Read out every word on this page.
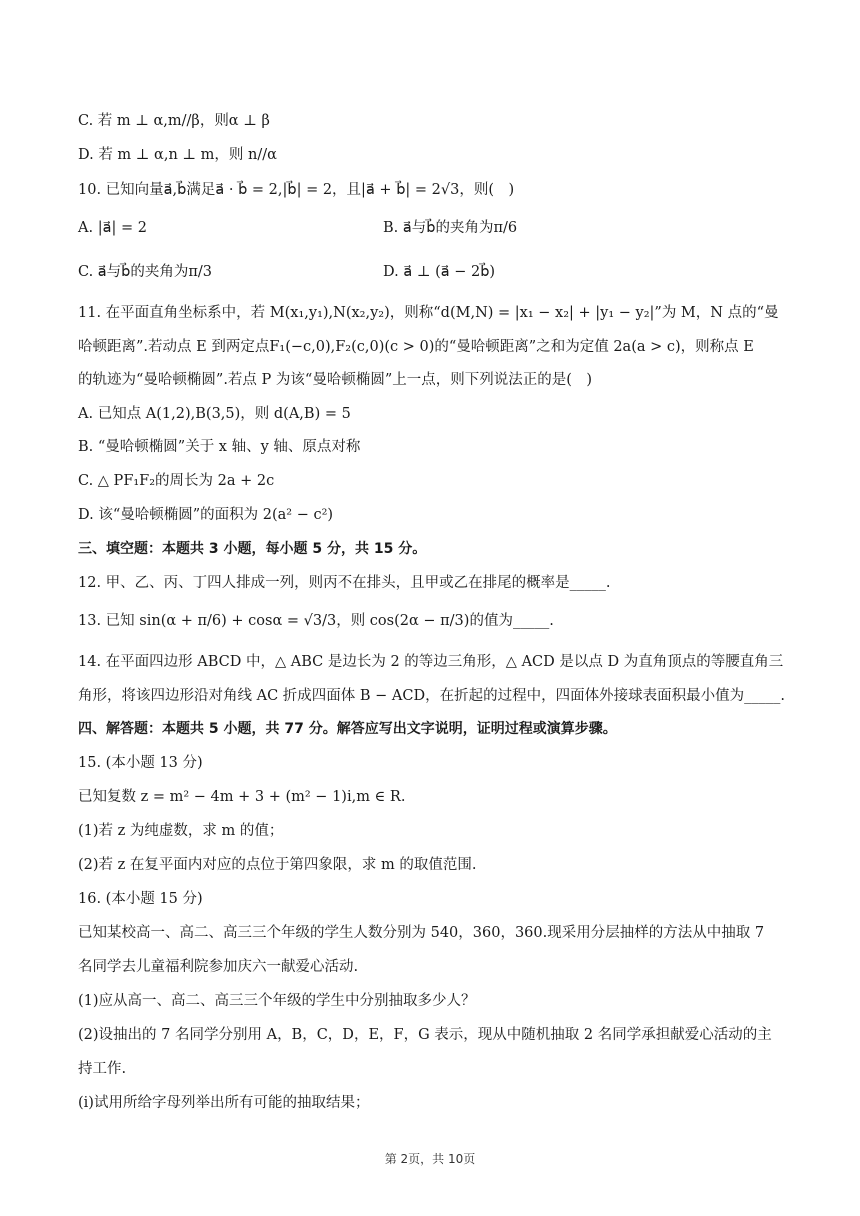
C. 若 m ⊥ α,m//β，则α ⊥ β
D. 若 m ⊥ α,n ⊥ m，则 n//α
10. 已知向量a⃗,b⃗满足a⃗ · b⃗ = 2,|b⃗| = 2，且|a⃗ + b⃗| = 2√3，则(　)
A. |a⃗| = 2	B. a⃗与b⃗的夹角为π/6
C. a⃗与b⃗的夹角为π/3	D. a⃗ ⊥ (a⃗ − 2b⃗)
11. 在平面直角坐标系中，若 M(x₁,y₁),N(x₂,y₂)，则称“d(M,N) = |x₁ − x₂| + |y₁ − y₂|”为 M，N 点的“曼
哈顿距离”.若动点 E 到两定点F₁(−c,0),F₂(c,0)(c > 0)的“曼哈顿距离”之和为定值 2a(a > c)，则称点 E
的轨迹为“曼哈顿椭圆”.若点 P 为该“曼哈顿椭圆”上一点，则下列说法正的是(　)
A. 已知点 A(1,2),B(3,5)，则 d(A,B) = 5
B. “曼哈顿椭圆”关于 x 轴、y 轴、原点对称
C. △ PF₁F₂的周长为 2a + 2c
D. 该“曼哈顿椭圆”的面积为 2(a² − c²)
三、填空题：本题共 3 小题，每小题 5 分，共 15 分。
12. 甲、乙、丙、丁四人排成一列，则丙不在排头，且甲或乙在排尾的概率是_____.
13. 已知 sin(α + π/6) + cosα = √3/3，则 cos(2α − π/3)的值为_____.
14. 在平面四边形 ABCD 中，△ ABC 是边长为 2 的等边三角形，△ ACD 是以点 D 为直角顶点的等腰直角三
角形，将该四边形沿对角线 AC 折成四面体 B − ACD，在折起的过程中，四面体外接球表面积最小值为_____.
四、解答题：本题共 5 小题，共 77 分。解答应写出文字说明，证明过程或演算步骤。
15. (本小题 13 分)
已知复数 z = m² − 4m + 3 + (m² − 1)i,m ∈ R.
(1)若 z 为纯虚数，求 m 的值；
(2)若 z 在复平面内对应的点位于第四象限，求 m 的取值范围.
16. (本小题 15 分)
已知某校高一、高二、高三三个年级的学生人数分别为 540，360，360.现采用分层抽样的方法从中抽取 7
名同学去儿童福利院参加庆六一献爱心活动.
(1)应从高一、高二、高三三个年级的学生中分别抽取多少人？
(2)设抽出的 7 名同学分别用 A，B，C，D，E，F，G 表示，现从中随机抽取 2 名同学承担献爱心活动的主
持工作.
(ⅰ)试用所给字母列举出所有可能的抽取结果；
第 2页，共 10页
